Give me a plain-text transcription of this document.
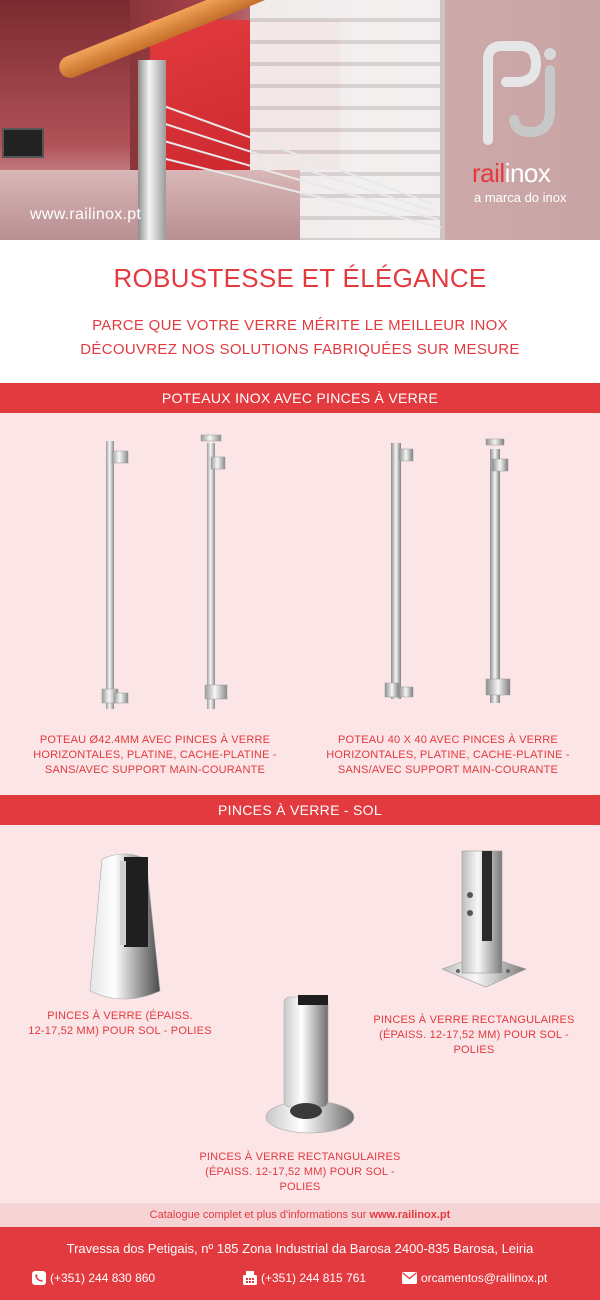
www.railinox.pt
railinox
a marca do inox
ROBUSTESSE ET ÉLÉGANCE
PARCE QUE VOTRE VERRE MÉRITE LE MEILLEUR INOX
DÉCOUVREZ NOS SOLUTIONS FABRIQUÉES SUR MESURE
POTEAUX INOX AVEC PINCES À VERRE
POTEAU Ø42.4MM AVEC PINCES À VERRE
HORIZONTALES, PLATINE, CACHE-PLATINE -
SANS/AVEC SUPPORT MAIN-COURANTE
POTEAU 40 X 40 AVEC PINCES À VERRE
HORIZONTALES, PLATINE, CACHE-PLATINE -
SANS/AVEC SUPPORT MAIN-COURANTE
PINCES À VERRE - SOL
PINCES À VERRE (ÉPAISS.
12-17,52 MM) POUR SOL - POLIES
PINCES À VERRE RECTANGULAIRES
(ÉPAISS. 12-17,52 MM) POUR SOL -
POLIES
PINCES À VERRE RECTANGULAIRES
(ÉPAISS. 12-17,52 MM) POUR SOL -
POLIES
Catalogue complet et plus d'informations sur www.railinox.pt
Travessa dos Petigais, nº 185 Zona Industrial da Barosa 2400-835 Barosa, Leiria
(+351) 244 830 860	(+351) 244 815 761	orcamentos@railinox.pt
